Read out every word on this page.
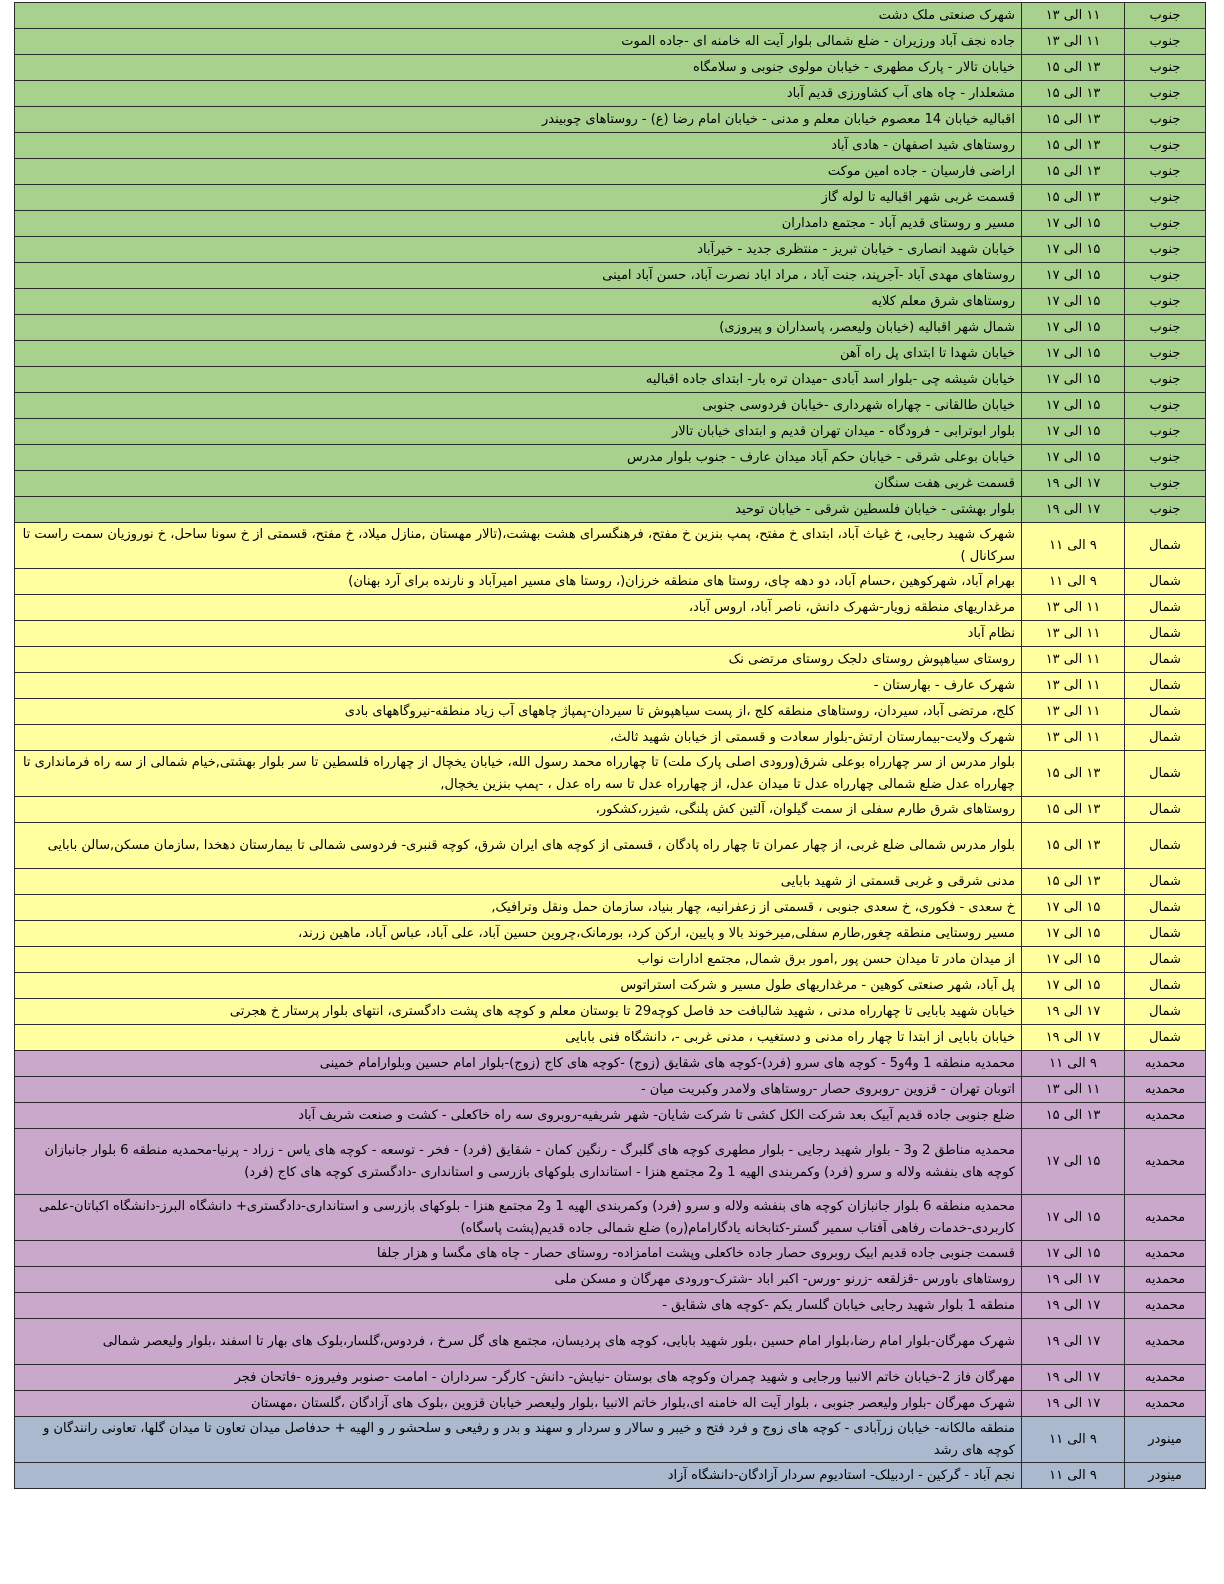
جنوب	۱۱ الی ۱۳	شهرک صنعتی ملک دشت
جنوب	۱۱ الی ۱۳	جاده نجف آباد ورزیران - ضلع شمالی بلوار آیت اله خامنه ای -جاده الموت
جنوب	۱۳ الی ۱۵	خیابان تالار - پارک مطهری - خیابان مولوی جنوبی و سلامگاه
جنوب	۱۳ الی ۱۵	مشعلدار - چاه های آب کشاورزی قدیم آباد
جنوب	۱۳ الی ۱۵	اقبالیه خیابان 14 معصوم خیابان معلم و مدنی - خیابان امام رضا (ع) - روستاهای چوبیندر
جنوب	۱۳ الی ۱۵	روستاهای شید اصفهان - هادی آباد
جنوب	۱۳ الی ۱۵	اراضی فارسیان - جاده امین موکت
جنوب	۱۳ الی ۱۵	قسمت غربی شهر اقبالیه تا لوله گاز
جنوب	۱۵ الی ۱۷	مسیر و روستای قدیم آباد - مجتمع دامداران
جنوب	۱۵ الی ۱۷	خیابان شهید انصاری - خیابان تبریز - منتظری جدید - خیرآباد
جنوب	۱۵ الی ۱۷	روستاهای مهدی آباد -آجرپند، جنت آباد ، مراد اباد نصرت آباد، حسن آباد امینی
جنوب	۱۵ الی ۱۷	روستاهای شرق معلم کلایه
جنوب	۱۵ الی ۱۷	شمال شهر اقبالیه (خیابان ولیعصر، پاسداران و پیروزی)
جنوب	۱۵ الی ۱۷	خیابان شهدا تا ابتدای پل راه آهن
جنوب	۱۵ الی ۱۷	خیابان شیشه چی -بلوار اسد آبادی -میدان تره بار- ابتدای جاده اقبالیه
جنوب	۱۵ الی ۱۷	خیابان طالقانی - چهاراه شهرداری -خیابان فردوسی جنوبی
جنوب	۱۵ الی ۱۷	بلوار ابوترابی - فرودگاه - میدان تهران قدیم و ابتدای خیابان تالار
جنوب	۱۵ الی ۱۷	خیابان بوعلی شرقی - خیابان حکم آباد میدان عارف - جنوب بلوار مدرس
جنوب	۱۷ الی ۱۹	قسمت غربی هفت سنگان
جنوب	۱۷ الی ۱۹	بلوار بهشتی - خیابان فلسطین شرقی - خیابان توحید
شمال	۹ الی ۱۱	شهرک شهید رجایی، خ غیاث آباد، ابتدای خ مفتح، پمپ بنزین خ مفتح، فرهنگسرای هشت بهشت،(تالار مهستان ,منازل میلاد، خ مفتح، قسمتی از خ سونا ساحل، خ نوروزیان سمت راست تا سرکانال )
شمال	۹ الی ۱۱	بهرام آباد، شهرکوهین ،حسام آباد، دو دهه چای، روستا های منطقه خرزان(، روستا های مسیر امیرآباد و نارنده برای آرد بهنان)
شمال	۱۱ الی ۱۳	مرغداریهای منطقه زویار-شهرک دانش، ناصر آباد، اروس آباد،
شمال	۱۱ الی ۱۳	نظام آباد
شمال	۱۱ الی ۱۳	روستای سیاهپوش روستای دلجک روستای مرتضی نک
شمال	۱۱ الی ۱۳	شهرک عارف - بهارستان -
شمال	۱۱ الی ۱۳	کلج، مرتضی آباد، سیردان، روستاهای منطقه کلج ،از پست سیاهپوش تا سیردان-پمپاژ چاههای آب زیاد منطقه-نیروگاههای بادی
شمال	۱۱ الی ۱۳	شهرک ولایت-بیمارستان ارتش-بلوار سعادت و قسمتی از خیابان شهید ثالث،
شمال	۱۳ الی ۱۵	بلوار مدرس از سر چهارراه بوعلی شرق(ورودی اصلی پارک ملت) تا چهارراه محمد رسول الله، خیابان یخچال از چهارراه فلسطین تا سر بلوار بهشتی,خیام شمالی از سه راه فرمانداری تا چهارراه عدل ضلع شمالی چهارراه عدل تا میدان عدل، از چهارراه عدل تا سه راه عدل ، -پمپ بنزین یخچال,
شمال	۱۳ الی ۱۵	روستاهای شرق طارم سفلی از سمت گیلوان، آلتین کش پلنگی، شیزر،کشکور،
شمال	۱۳ الی ۱۵	بلوار مدرس شمالی ضلع غربی، از چهار عمران تا چهار راه پادگان ، قسمتی از کوچه های ایران شرق، کوچه قنبری- فردوسی شمالی تا بیمارستان دهخدا ,سازمان مسکن,سالن بابایی
شمال	۱۳ الی ۱۵	مدنی شرقی و غربی قسمتی از شهید بابایی
شمال	۱۵ الی ۱۷	خ سعدی - فکوری، خ سعدی جنوبی ، قسمتی از زعفرانیه، چهار بنیاد، سازمان حمل ونقل وترافیک,
شمال	۱۵ الی ۱۷	مسیر روستایی منطقه چغور,طارم سفلی,میرخوند بالا و پایین، ارکن کرد، بورمانک،چروین حسین آباد، علی آباد، عباس آباد، ماهین زرند،
شمال	۱۵ الی ۱۷	از میدان مادر تا میدان حسن پور ,امور برق شمال, مجتمع ادارات نواب
شمال	۱۵ الی ۱۷	پل آباد، شهر صنعتی کوهین - مرغداریهای طول مسیر و شرکت استراتوس
شمال	۱۷ الی ۱۹	خیابان شهید بابایی تا چهارراه مدنی ، شهید شالبافت حد فاصل کوچه29 تا بوستان معلم و کوچه های پشت دادگستری، انتهای بلوار پرستار خ هجرتی
شمال	۱۷ الی ۱۹	خیابان بابایی از ابتدا تا چهار راه مدنی و دستغیب ، مدنی غربی -، دانشگاه فنی بابایی
محمدیه	۹ الی ۱۱	محمدیه منطقه 1 و4و5 - کوچه های سرو (فرد)-کوچه های شقایق (زوج) -کوچه های کاج (زوج)-بلوار امام حسین وبلوارامام خمینی
محمدیه	۱۱ الی ۱۳	اتوبان تهران - قزوین -روبروی حصار -روستاهای ولامدر وکبریت میان -
محمدیه	۱۳ الی ۱۵	ضلع جنوبی جاده قدیم آبیک بعد شرکت الکل کشی تا شرکت شایان- شهر شریفیه-روبروی سه راه خاکعلی - کشت و صنعت شریف آباد
محمدیه	۱۵ الی ۱۷	محمدیه مناطق 2 و3 - بلوار شهید رجایی - بلوار مطهری کوچه های گلبرگ - رنگین کمان - شقایق (فرد) - فخر - توسعه - کوچه های یاس - زراد - پرنیا-محمدیه منطقه 6 بلوار جانبازان کوچه های بنفشه ولاله و سرو (فرد) وکمربندی الهیه 1 و2 مجتمع هنزا - استانداری بلوکهای بازرسی و استانداری -دادگستری کوچه های کاج (فرد)
محمدیه	۱۵ الی ۱۷	محمدیه منطقه 6 بلوار جانبازان کوچه های بنفشه ولاله و سرو (فرد) وکمربندی الهیه 1 و2 مجتمع هنزا - بلوکهای بازرسی و استانداری-دادگستری+ دانشگاه البرز-دانشگاه اکباتان-علمی کاربردی-خدمات رفاهی آفتاب سمیر گستر-کتابخانه یادگارامام(ره) ضلع شمالی جاده قدیم(پشت پاسگاه)
محمدیه	۱۵ الی ۱۷	قسمت جنوبی جاده قدیم ابیک روبروی حصار جاده خاکعلی وپشت امامزاده- روستای حصار - چاه های مگسا و هزار جلفا
محمدیه	۱۷ الی ۱۹	روستاهای باورس -قزلقعه -زرنو -ورس- اکبر اباد -شترک-ورودی مهرگان و مسکن ملی
محمدیه	۱۷ الی ۱۹	منطقه 1 بلوار شهید رجایی خیابان گلسار یکم -کوچه های شقایق -
محمدیه	۱۷ الی ۱۹	شهرک مهرگان-بلوار امام رضا،بلوار امام حسین ،بلور شهید بابایی، کوچه های پردیسان، مجتمع های گل سرخ ، فردوس،گلسار،بلوک های بهار تا اسفند ،بلوار ولیعصر شمالی
محمدیه	۱۷ الی ۱۹	مهرگان فاز 2-خیابان خاتم الانبیا ورجایی و شهید چمران وکوچه های بوستان -نیایش- دانش- کارگر- سرداران - امامت -صنوبر وفیروزه -فاتحان فجر
محمدیه	۱۷ الی ۱۹	شهرک مهرگان -بلوار ولیعصر جنوبی ، بلوار آیت اله خامنه ای،بلوار خاتم الانبیا ،بلوار ولیعصر خیابان قزوین ،بلوک های آزادگان ،گلستان ،مهستان
مینودر	۹ الی ۱۱	منطقه مالکانه- خیابان زرآبادی - کوچه های زوج و فرد فتح و خیبر و سالار و سردار و سهند و بدر و رفیعی و سلحشو ر و الهیه + حدفاصل میدان تعاون تا میدان گلها، تعاونی رانندگان و کوچه های رشد
مینودر	۹ الی ۱۱	نجم آباد - گرکین - اردبیلک- استادیوم سردار آزادگان-دانشگاه آزاد
